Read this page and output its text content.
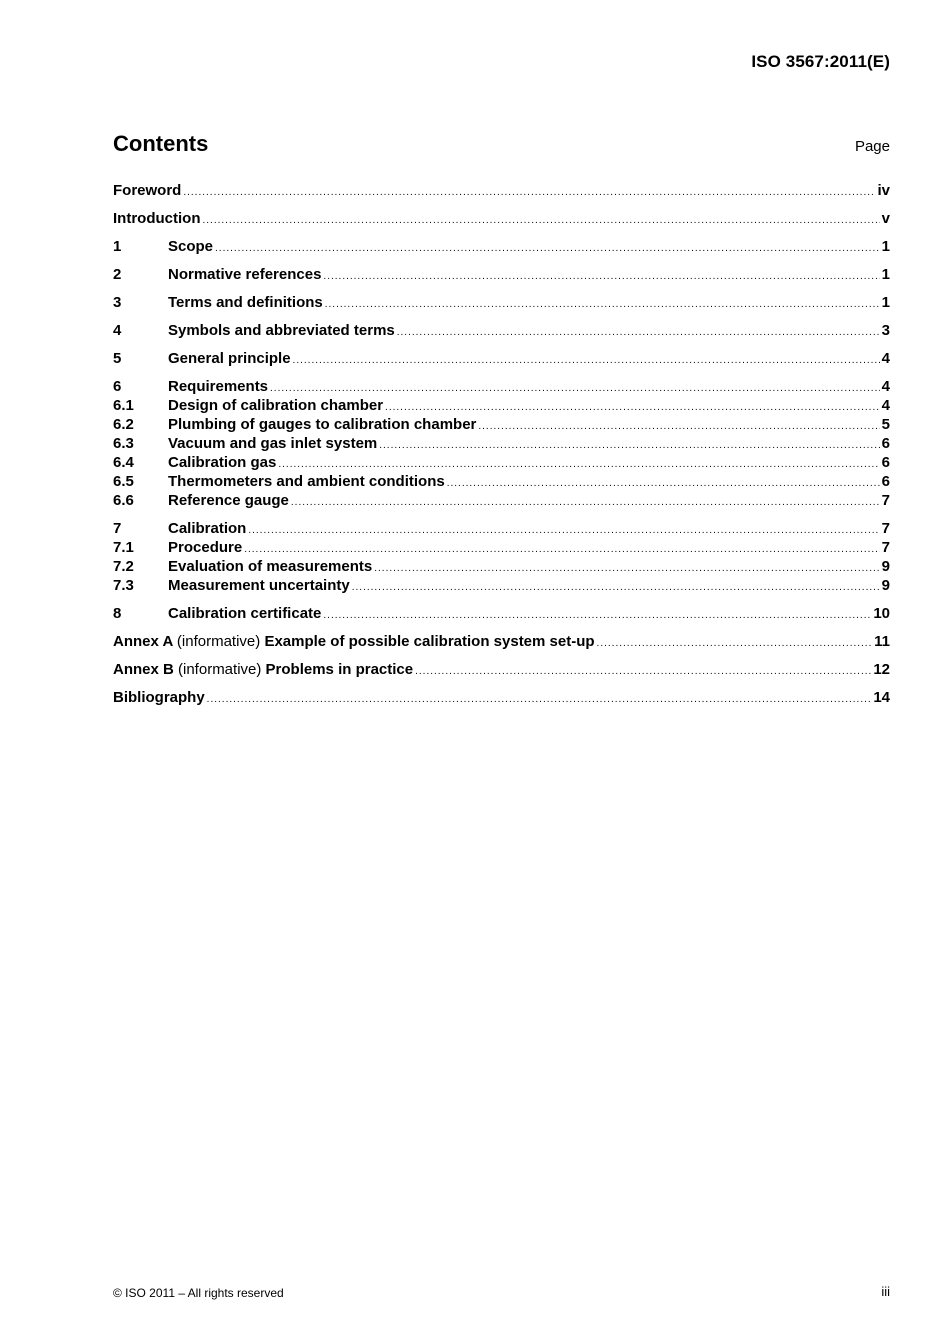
ISO 3567:2011(E)
Contents	Page
Foreword .....	iv
Introduction .....	v
1	Scope .....	1
2	Normative references .....	1
3	Terms and definitions .....	1
4	Symbols and abbreviated terms .....	3
5	General principle .....	4
6	Requirements .....	4
6.1	Design of calibration chamber .....	4
6.2	Plumbing of gauges to calibration chamber .....	5
6.3	Vacuum and gas inlet system .....	6
6.4	Calibration gas .....	6
6.5	Thermometers and ambient conditions .....	6
6.6	Reference gauge .....	7
7	Calibration .....	7
7.1	Procedure .....	7
7.2	Evaluation of measurements .....	9
7.3	Measurement uncertainty .....	9
8	Calibration certificate .....	10
Annex A (informative) Example of possible calibration system set-up .....	11
Annex B (informative) Problems in practice .....	12
Bibliography .....	14
© ISO 2011 – All rights reserved	iii
